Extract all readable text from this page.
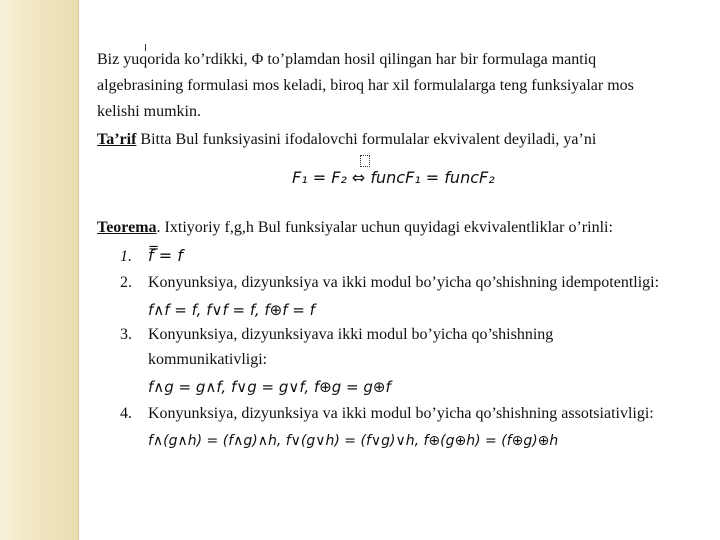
Biz yuqorida ko’rdikki, Φ to’plamdan hosil qilingan har bir formulaga mantiq
algebrasining formulasi mos keladi, biroq har xil formulalarga teng funksiyalar mos
kelishi mumkin.
Ta’rif Bitta Bul funksiyasini ifodalovchi formulalar ekvivalent deyiladi, ya’ni
F₁ = F₂ ⇔ funcF₁ = funcF₂
Teorema. Ixtiyoriy f,g,h Bul funksiyalar uchun quyidagi ekvivalentliklar o’rinli:
1. f̿ = f
2. Konyunksiya, dizyunksiya va ikki modul bo’yicha qo’shishning idempotentligi:
f∧f = f, f∨f = f, f⊕f = f
3. Konyunksiya, dizyunksiyava ikki modul bo’yicha qo’shishning
kommunikativligi:
f∧g = g∧f, f∨g = g∨f, f⊕g = g⊕f
4. Konyunksiya, dizyunksiya va ikki modul bo’yicha qo’shishning assotsiativligi:
f∧(g∧h) = (f∧g)∧h, f∨(g∨h) = (f∨g)∨h, f⊕(g⊕h) = (f⊕g)⊕h
